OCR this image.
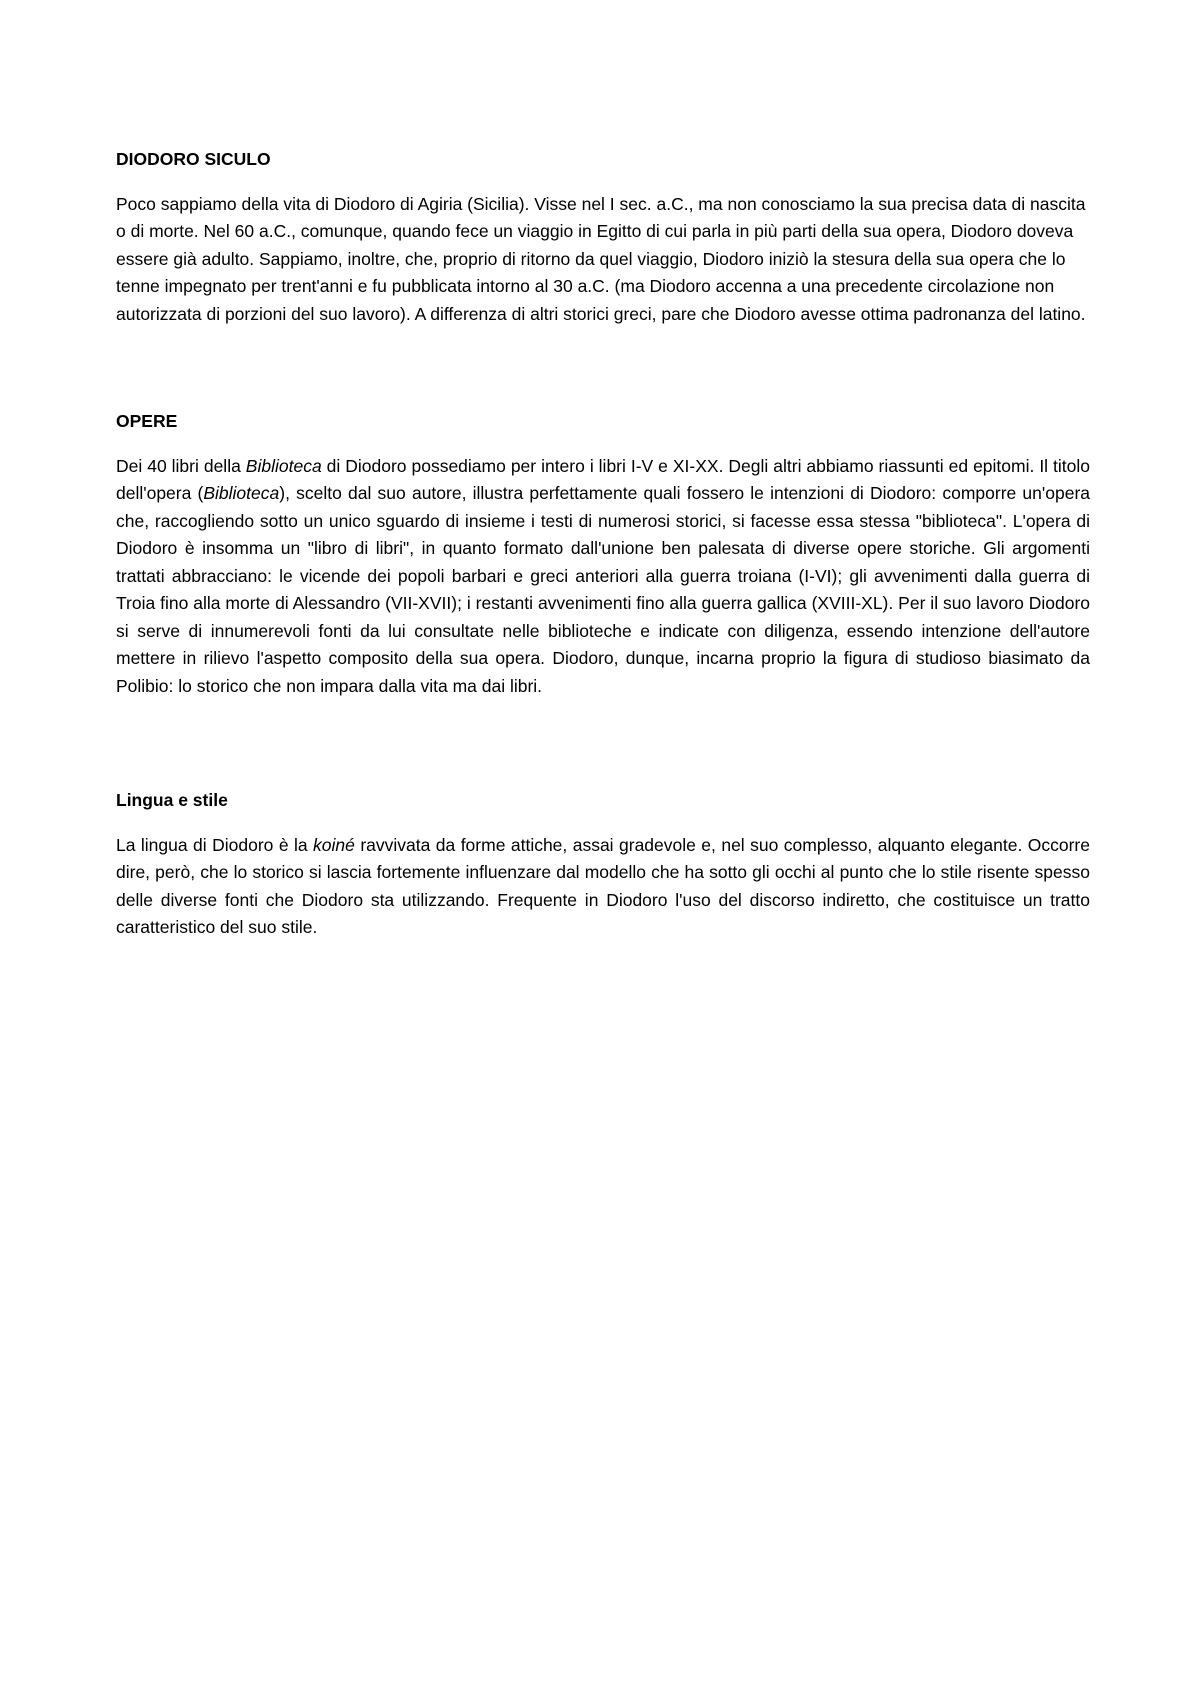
DIODORO SICULO

Poco sappiamo della vita di Diodoro di Agiria (Sicilia). Visse nel I sec. a.C., ma non conosciamo la sua precisa data di nascita o di morte. Nel 60 a.C., comunque, quando fece un viaggio in Egitto di cui parla in più parti della sua opera, Diodoro doveva essere già adulto. Sappiamo, inoltre, che, proprio di ritorno da quel viaggio, Diodoro iniziò la stesura della sua opera che lo tenne impegnato per trent'anni e fu pubblicata intorno al 30 a.C. (ma Diodoro accenna a una precedente circolazione non autorizzata di porzioni del suo lavoro). A differenza di altri storici greci, pare che Diodoro avesse ottima padronanza del latino.

OPERE

Dei 40 libri della Biblioteca di Diodoro possediamo per intero i libri I-V e XI-XX. Degli altri abbiamo riassunti ed epitomi. Il titolo dell'opera (Biblioteca), scelto dal suo autore, illustra perfettamente quali fossero le intenzioni di Diodoro: comporre un'opera che, raccogliendo sotto un unico sguardo di insieme i testi di numerosi storici, si facesse essa stessa "biblioteca". L'opera di Diodoro è insomma un "libro di libri", in quanto formato dall'unione ben palesata di diverse opere storiche. Gli argomenti trattati abbracciano: le vicende dei popoli barbari e greci anteriori alla guerra troiana (I-VI); gli avvenimenti dalla guerra di Troia fino alla morte di Alessandro (VII-XVII); i restanti avvenimenti fino alla guerra gallica (XVIII-XL). Per il suo lavoro Diodoro si serve di innumerevoli fonti da lui consultate nelle biblioteche e indicate con diligenza, essendo intenzione dell'autore mettere in rilievo l'aspetto composito della sua opera. Diodoro, dunque, incarna proprio la figura di studioso biasimato da Polibio: lo storico che non impara dalla vita ma dai libri.

Lingua e stile

La lingua di Diodoro è la koiné ravvivata da forme attiche, assai gradevole e, nel suo complesso, alquanto elegante. Occorre dire, però, che lo storico si lascia fortemente influenzare dal modello che ha sotto gli occhi al punto che lo stile risente spesso delle diverse fonti che Diodoro sta utilizzando. Frequente in Diodoro l'uso del discorso indiretto, che costituisce un tratto caratteristico del suo stile.
